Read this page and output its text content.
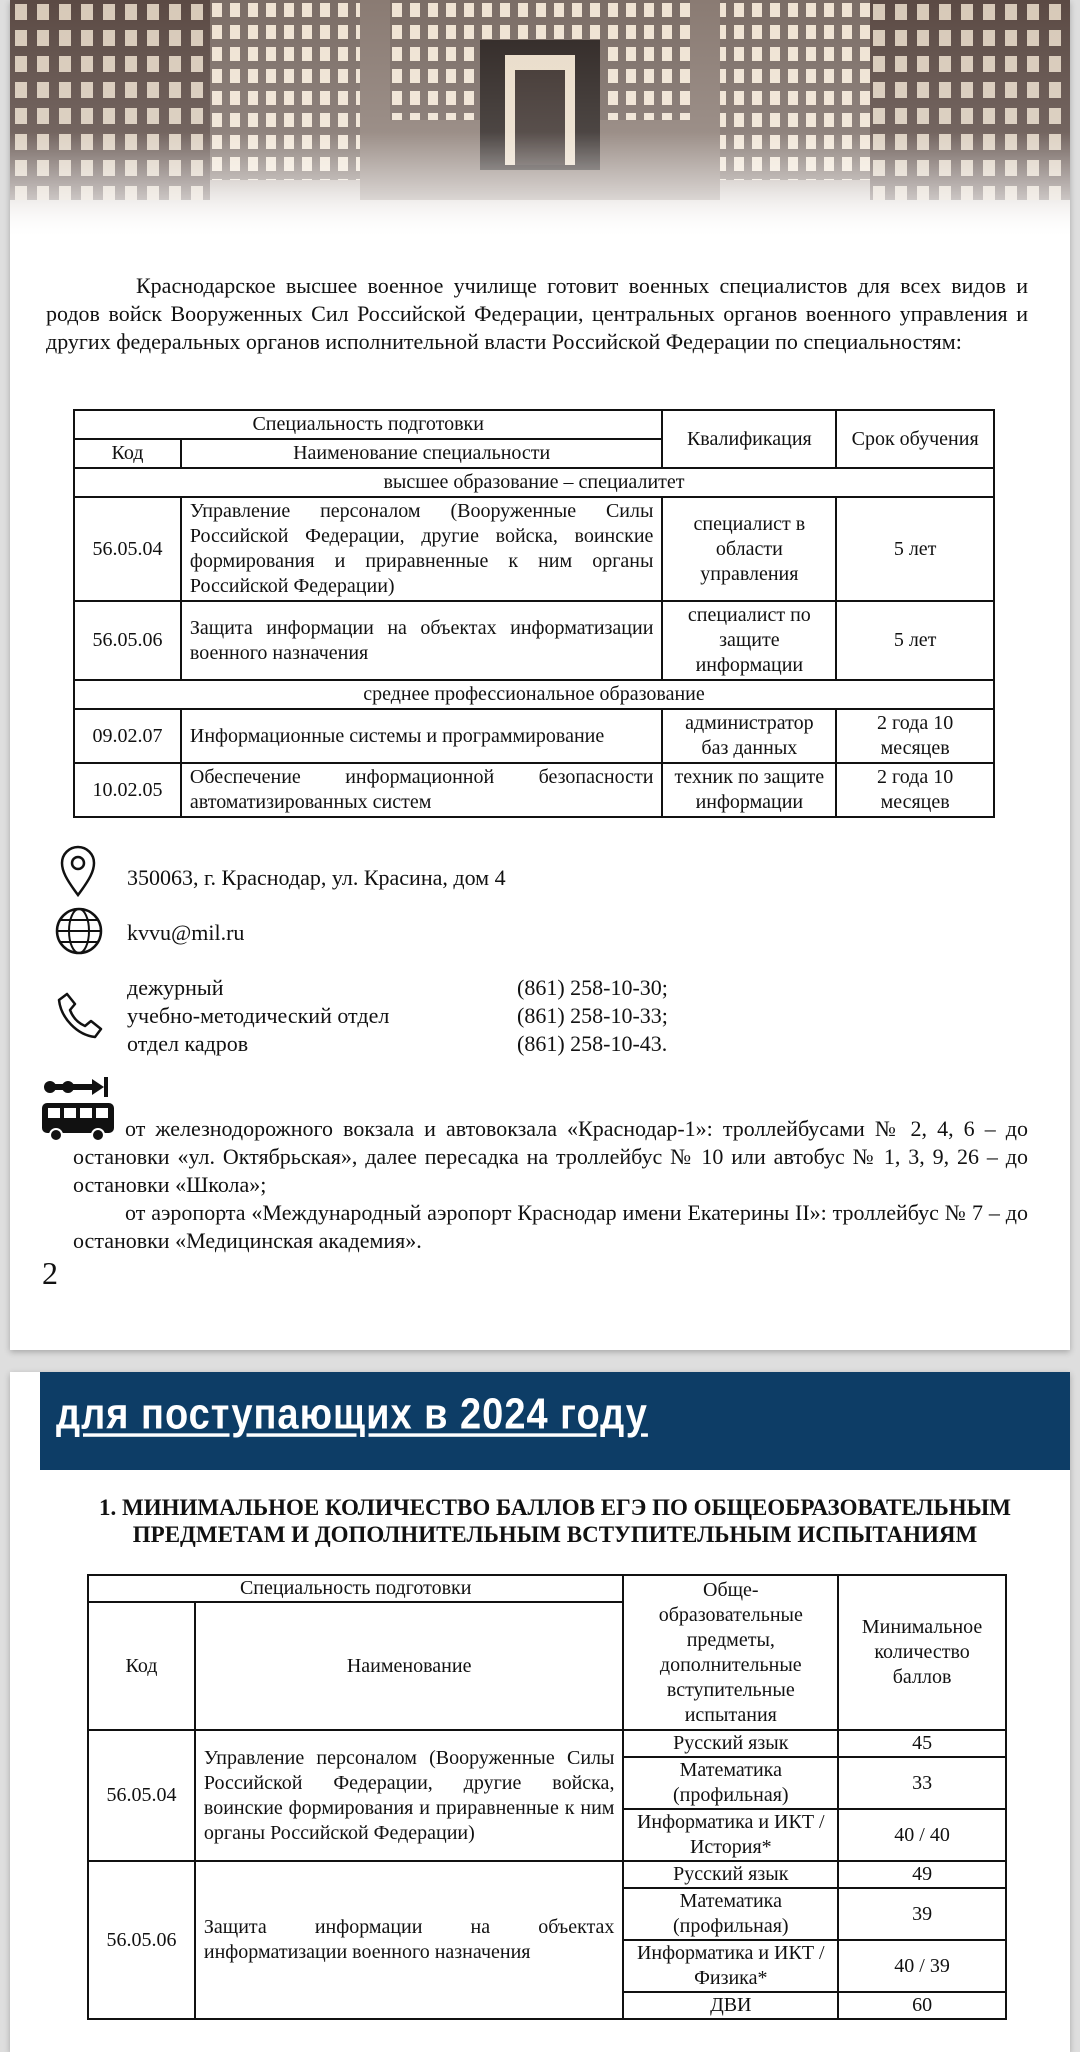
Краснодарское высшее военное училище готовит военных специалистов для всех видов и родов войск Вооруженных Сил Российской Федерации, центральных органов военного управления и других федеральных органов исполнительной власти Российской Федерации по специальностям:
Специальность подготовки		Квалификация	Срок обучения
Код	Наименование специальности		
высшее образование – специалитет			
56.05.04	Управление персоналом (Вооруженные Силы Российской Федерации, другие войска, воинские формирования и приравненные к ним органы Российской Федерации)	специалист в области управления	5 лет
56.05.06	Защита информации на объектах информатизации военного назначения	специалист по защите информации	5 лет
среднее профессиональное образование			
09.02.07	Информационные системы и программирование	администратор баз данных	2 года 10 месяцев
10.02.05	Обеспечение информационной безопасности автоматизированных систем	техник по защите информации	2 года 10 месяцев
350063, г. Краснодар, ул. Красина, дом 4
kvvu@mil.ru
дежурный	(861) 258-10-30;
учебно-методический отдел	(861) 258-10-33;
отдел кадров	(861) 258-10-43.
от железнодорожного вокзала и автовокзала «Краснодар-1»: троллейбусами № 2, 4, 6 – до остановки «ул. Октябрьская», далее пересадка на троллейбус № 10 или автобус № 1, 3, 9, 26 – до остановки «Школа»;
от аэропорта «Международный аэропорт Краснодар имени Екатерины II»: троллейбус № 7 – до остановки «Медицинская академия».
2
для поступающих в 2024 году
1. МИНИМАЛЬНОЕ КОЛИЧЕСТВО БАЛЛОВ ЕГЭ ПО ОБЩЕОБРАЗОВАТЕЛЬНЫМ ПРЕДМЕТАМ И ДОПОЛНИТЕЛЬНЫМ ВСТУПИТЕЛЬНЫМ ИСПЫТАНИЯМ
Специальность подготовки		Обще-образовательные предметы, дополнительные вступительные испытания	Минимальное количество баллов
Код	Наименование		
56.05.04	Управление персоналом (Вооруженные Силы Российской Федерации, другие войска, воинские формирования и приравненные к ним органы Российской Федерации)	Русский язык	45
		Математика (профильная)	33
		Информатика и ИКТ / История*	40 / 40
56.05.06	Защита информации на объектах информатизации военного назначения	Русский язык	49
		Математика (профильная)	39
		Информатика и ИКТ / Физика*	40 / 39
		ДВИ	60
